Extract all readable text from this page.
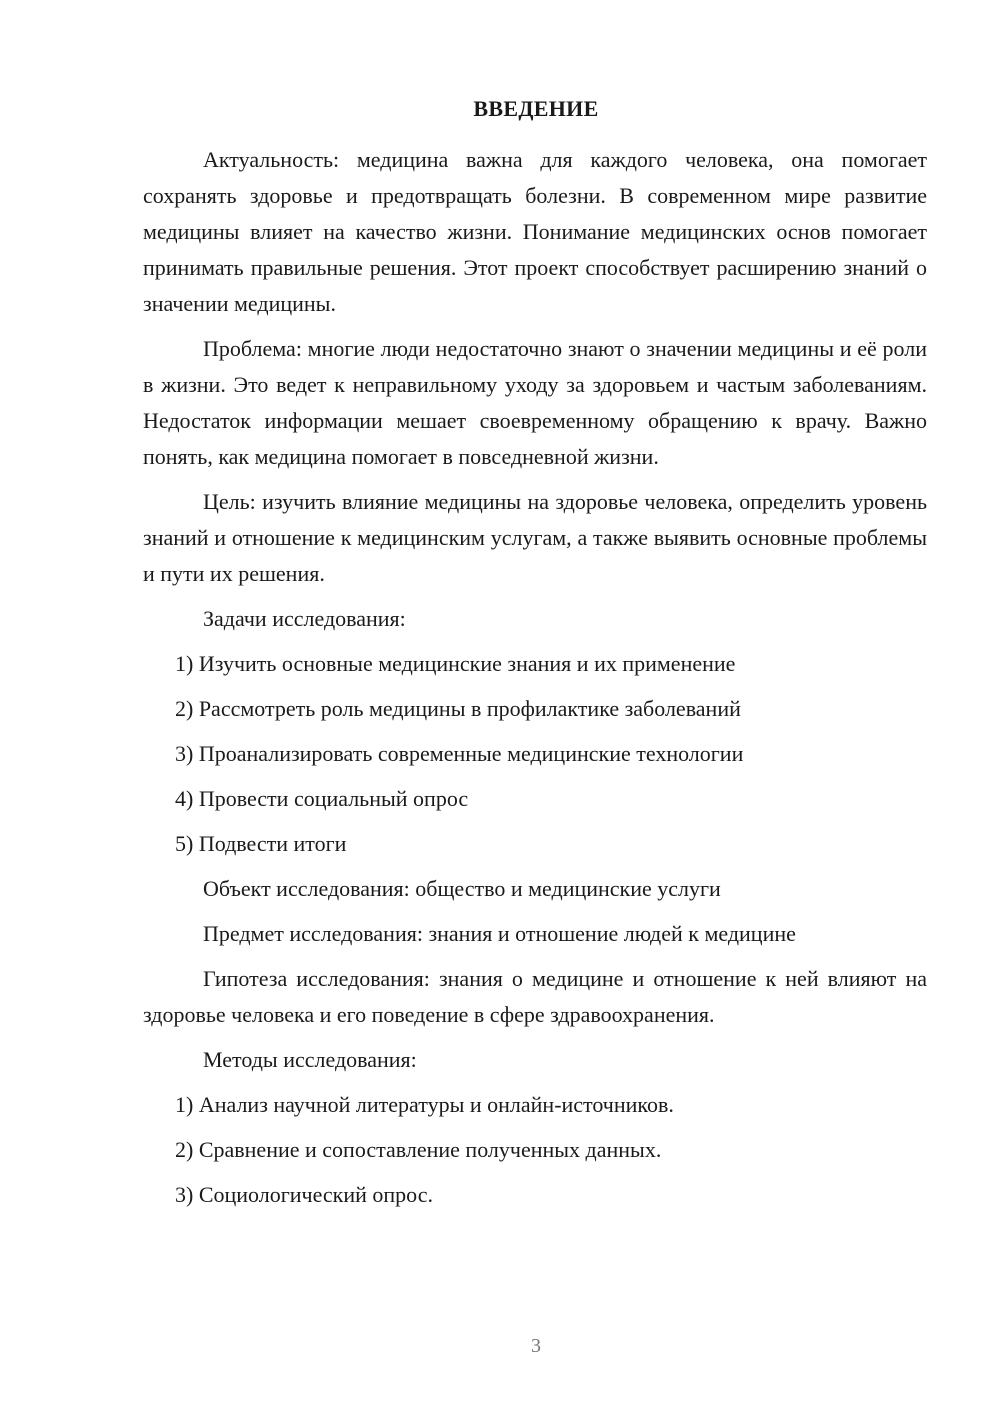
ВВЕДЕНИЕ

Актуальность: медицина важна для каждого человека, она помогает сохранять здоровье и предотвращать болезни. В современном мире развитие медицины влияет на качество жизни. Понимание медицинских основ помогает принимать правильные решения. Этот проект способствует расширению знаний о значении медицины.

Проблема: многие люди недостаточно знают о значении медицины и её роли в жизни. Это ведет к неправильному уходу за здоровьем и частым заболеваниям. Недостаток информации мешает своевременному обращению к врачу. Важно понять, как медицина помогает в повседневной жизни.

Цель: изучить влияние медицины на здоровье человека, определить уровень знаний и отношение к медицинским услугам, а также выявить основные проблемы и пути их решения.

Задачи исследования:

1) Изучить основные медицинские знания и их применение
2) Рассмотреть роль медицины в профилактике заболеваний
3) Проанализировать современные медицинские технологии
4) Провести социальный опрос
5) Подвести итоги

Объект исследования: общество и медицинские услуги

Предмет исследования: знания и отношение людей к медицине

Гипотеза исследования: знания о медицине и отношение к ней влияют на здоровье человека и его поведение в сфере здравоохранения.

Методы исследования:

1) Анализ научной литературы и онлайн-источников.
2) Сравнение и сопоставление полученных данных.
3) Социологический опрос.
3
